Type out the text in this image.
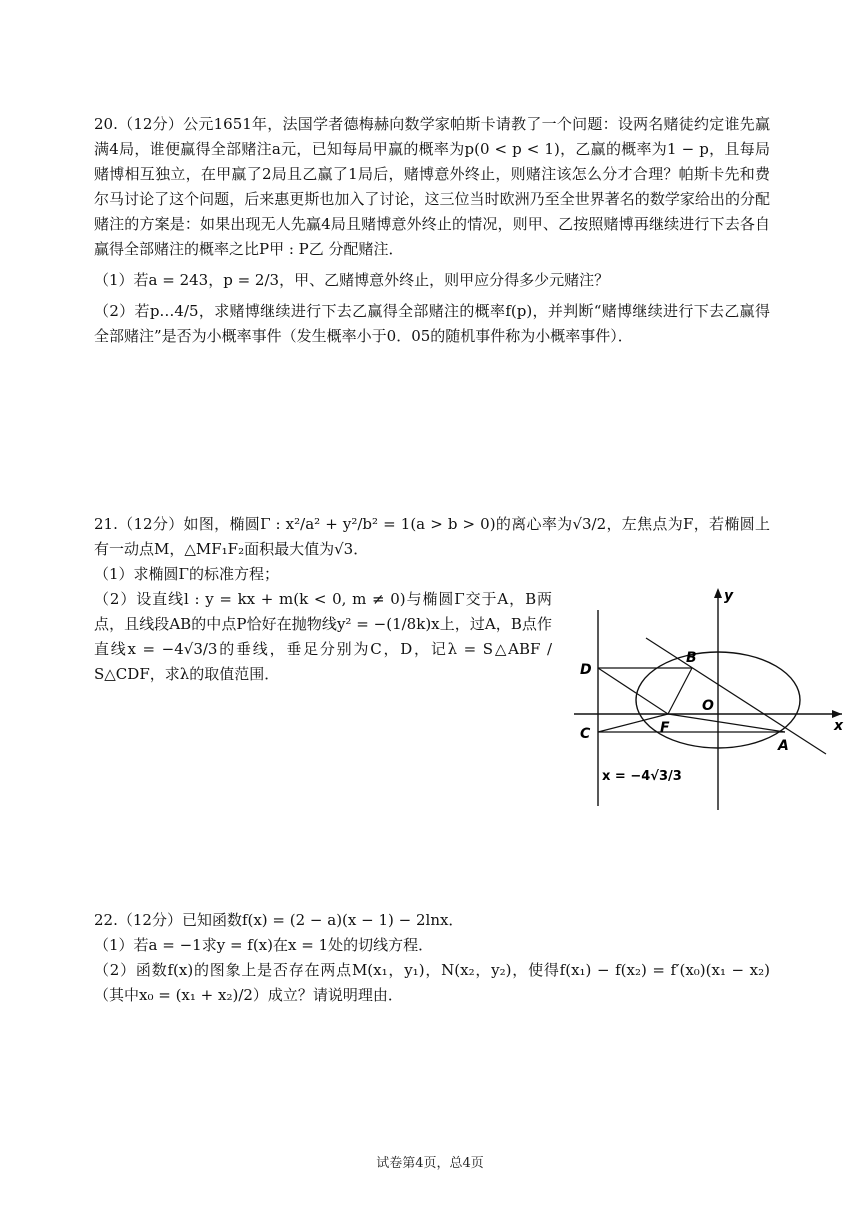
20.（12分）公元1651年，法国学者德梅赫向数学家帕斯卡请教了一个问题：设两名赌徒约定谁先赢满4局，谁便赢得全部赌注a元，已知每局甲赢的概率为p(0 < p < 1)，乙赢的概率为1 − p，且每局赌博相互独立，在甲赢了2局且乙赢了1局后，赌博意外终止，则赌注该怎么分才合理？帕斯卡先和费尔马讨论了这个问题，后来惠更斯也加入了讨论，这三位当时欧洲乃至全世界著名的数学家给出的分配赌注的方案是：如果出现无人先赢4局且赌博意外终止的情况，则甲、乙按照赌博再继续进行下去各自赢得全部赌注的概率之比P甲 : P乙 分配赌注．

（1）若a = 243，p = 2/3，甲、乙赌博意外终止，则甲应分得多少元赌注？

（2）若p…4/5，求赌博继续进行下去乙赢得全部赌注的概率f(p)，并判断“赌博继续进行下去乙赢得全部赌注”是否为小概率事件（发生概率小于0．05的随机事件称为小概率事件）．

21.（12分）如图，椭圆Γ : x²/a² + y²/b² = 1(a > b > 0)的离心率为√3/2，左焦点为F，若椭圆上有一动点M，△MF₁F₂面积最大值为√3．

（1）求椭圆Γ的标准方程；

（2）设直线l : y = kx + m(k < 0, m ≠ 0)与椭圆Γ交于A，B两点，且线段AB的中点P恰好在抛物线y² = −(1/8k)x上，过A，B点作直线x = −4√3/3的垂线，垂足分别为C，D，记λ = S△ABF / S△CDF，求λ的取值范围．

y
x
O
B
D
F
C
A
x = −4√3/3

22.（12分）已知函数f(x) = (2 − a)(x − 1) − 2lnx．

（1）若a = −1求y = f(x)在x = 1处的切线方程．

（2）函数f(x)的图象上是否存在两点M(x₁，y₁)，N(x₂，y₂)，使得f(x₁) − f(x₂) = f′(x₀)(x₁ − x₂)（其中x₀ = (x₁ + x₂)/2）成立？请说明理由．

试卷第4页，总4页
